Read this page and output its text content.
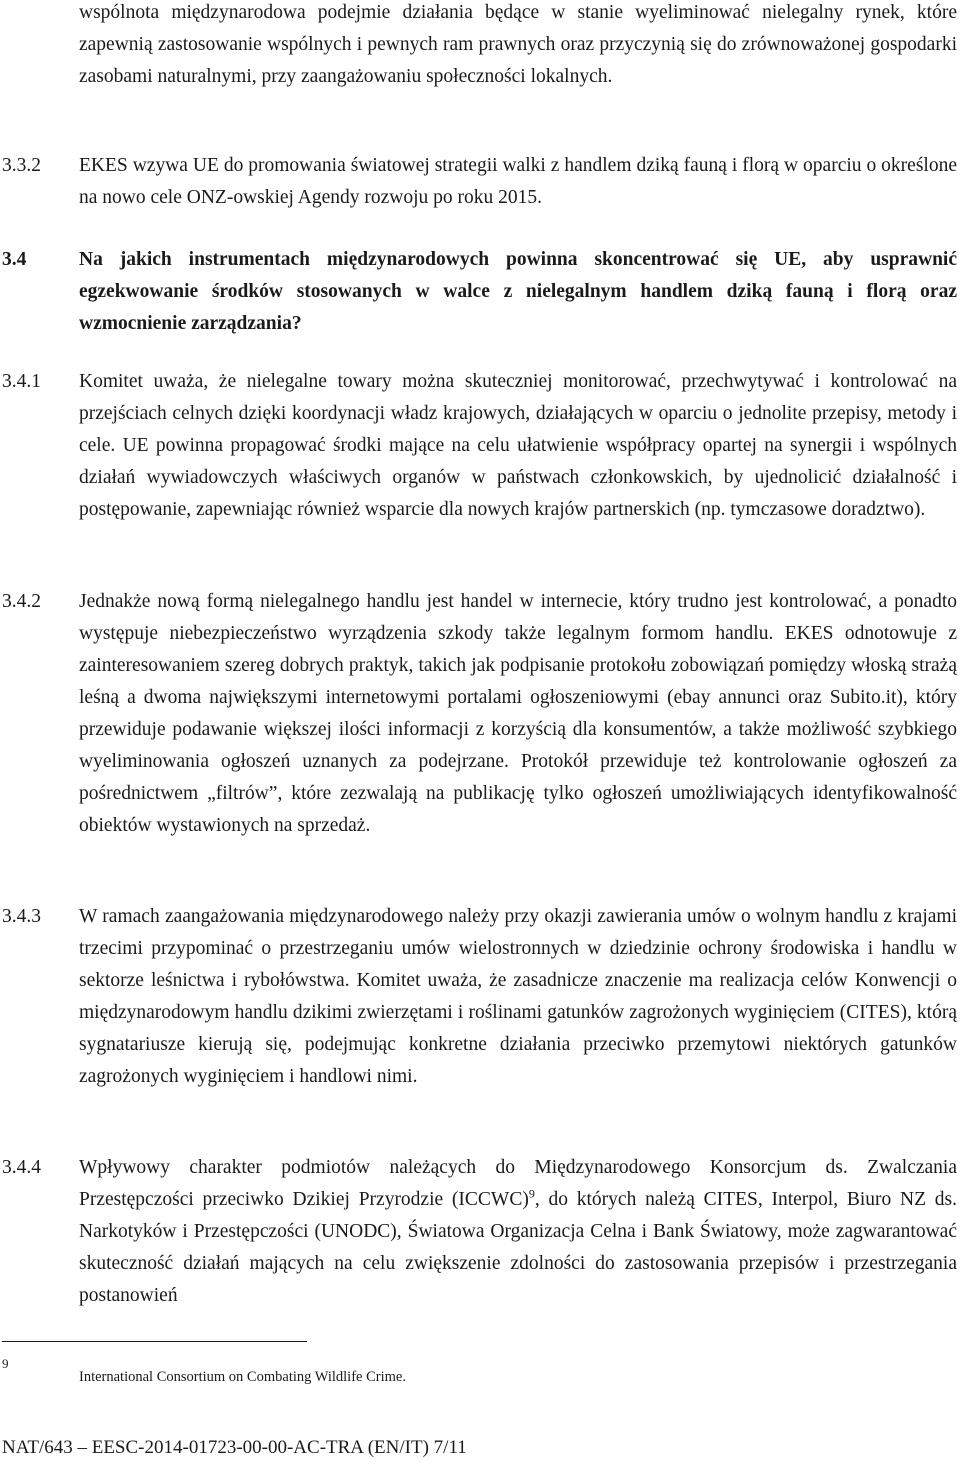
wspólnota międzynarodowa podejmie działania będące w stanie wyeliminować nielegalny rynek, które zapewnią zastosowanie wspólnych i pewnych ram prawnych oraz przyczynią się do zrównoważonej gospodarki zasobami naturalnymi, przy zaangażowaniu społeczności lokalnych.
3.3.2 EKES wzywa UE do promowania światowej strategii walki z handlem dziką fauną i florą w oparciu o określone na nowo cele ONZ-owskiej Agendy rozwoju po roku 2015.
3.4	Na jakich instrumentach międzynarodowych powinna skoncentrować się UE, aby usprawnić egzekwowanie środków stosowanych w walce z nielegalnym handlem dziką fauną i florą oraz wzmocnienie zarządzania?
3.4.1 Komitet uważa, że nielegalne towary można skuteczniej monitorować, przechwytywać i kontrolować na przejściach celnych dzięki koordynacji władz krajowych, działających w oparciu o jednolite przepisy, metody i cele. UE powinna propagować środki mające na celu ułatwienie współpracy opartej na synergii i wspólnych działań wywiadowczych właściwych organów w państwach członkowskich, by ujednolicić działalność i postępowanie, zapewniając również wsparcie dla nowych krajów partnerskich (np. tymczasowe doradztwo).
3.4.2 Jednakże nową formą nielegalnego handlu jest handel w internecie, który trudno jest kontrolować, a ponadto występuje niebezpieczeństwo wyrządzenia szkody także legalnym formom handlu. EKES odnotowuje z zainteresowaniem szereg dobrych praktyk, takich jak podpisanie protokołu zobowiązań pomiędzy włoską strażą leśną a dwoma największymi internetowymi portalami ogłoszeniowymi (ebay annunci oraz Subito.it), który przewiduje podawanie większej ilości informacji z korzyścią dla konsumentów, a także możliwość szybkiego wyeliminowania ogłoszeń uznanych za podejrzane. Protokół przewiduje też kontrolowanie ogłoszeń za pośrednictwem „filtrów”, które zezwalają na publikację tylko ogłoszeń umożliwiających identyfikowalność obiektów wystawionych na sprzedaż.
3.4.3 W ramach zaangażowania międzynarodowego należy przy okazji zawierania umów o wolnym handlu z krajami trzecimi przypominać o przestrzeganiu umów wielostronnych w dziedzinie ochrony środowiska i handlu w sektorze leśnictwa i rybołówstwa. Komitet uważa, że zasadnicze znaczenie ma realizacja celów Konwencji o międzynarodowym handlu dzikimi zwierzętami i roślinami gatunków zagrożonych wyginięciem (CITES), którą sygnatariusze kierują się, podejmując konkretne działania przeciwko przemytowi niektórych gatunków zagrożonych wyginięciem i handlowi nimi.
3.4.4 Wpływowy charakter podmiotów należących do Międzynarodowego Konsorcjum ds. Zwalczania Przestępczości przeciwko Dzikiej Przyrodzie (ICCWC)$^9$, do których należą CITES, Interpol, Biuro NZ ds. Narkotyków i Przestępczości (UNODC), Światowa Organizacja Celna i Bank Światowy, może zagwarantować skuteczność działań mających na celu zwiększenie zdolności do zastosowania przepisów i przestrzegania postanowień
9
International Consortium on Combating Wildlife Crime.
NAT/643 – EESC-2014-01723-00-00-AC-TRA (EN/IT) 7/11
